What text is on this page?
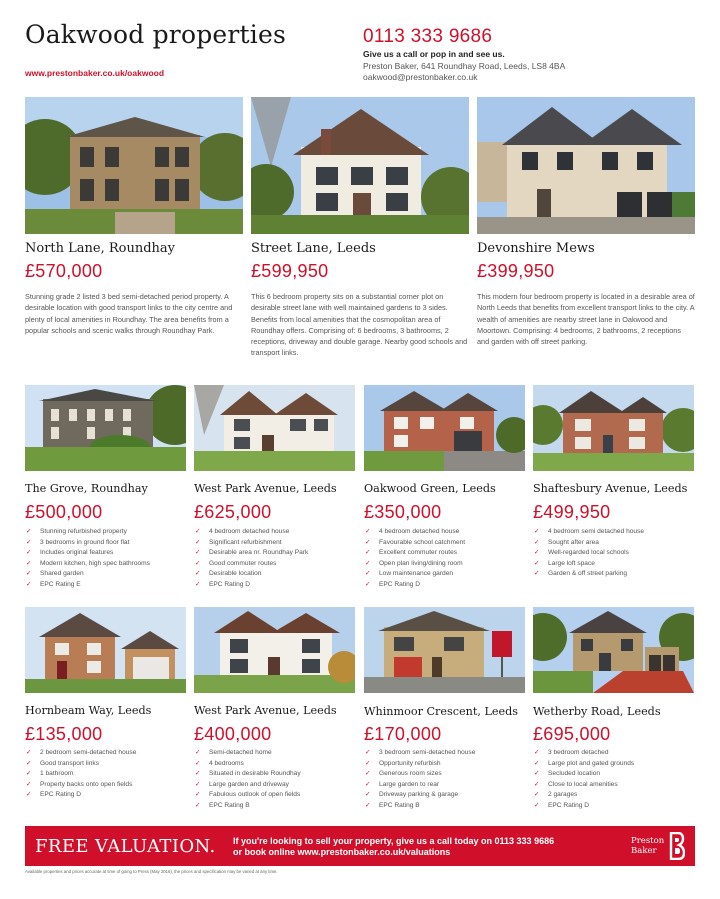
Oakwood properties
www.prestonbaker.co.uk/oakwood
0113 333 9686
Give us a call or pop in and see us.
Preston Baker, 641 Roundhay Road, Leeds, LS8 4BA
oakwood@prestonbaker.co.uk
North Lane, Roundhay
£570,000
Stunning grade 2 listed 3 bed semi-detached period property. A desirable location with good transport links to the city centre and plenty of local amenities in Roundhay. The area benefits from a popular schools and scenic walks through Roundhay Park.
Street Lane, Leeds
£599,950
This 6 bedroom property sits on a substantial corner plot on desirable street lane with well maintained gardens to 3 sides. Benefits from local amenities that the cosmopolitan area of Roundhay offers. Comprising of: 6 bedrooms, 3 bathrooms, 2 receptions, driveway and double garage. Nearby good schools and transport links.
Devonshire Mews
£399,950
This modern four bedroom property is located in a desirable area of North Leeds that benefits from excellent transport links to the city. A wealth of amenities are nearby street lane in Oakwood and Moortown. Comprising: 4 bedrooms, 2 bathrooms, 2 receptions and garden with off street parking.
The Grove, Roundhay
£500,000
✓ Stunning refurbished property
✓ 3 bedrooms in ground floor flat
✓ Includes original features
✓ Modern kitchen, high spec bathrooms
✓ Shared garden
✓ EPC Rating E
West Park Avenue, Leeds
£625,000
✓ 4 bedroom detached house
✓ Significant refurbishment
✓ Desirable area nr. Roundhay Park
✓ Good commuter routes
✓ Desirable location
✓ EPC Rating D
Oakwood Green, Leeds
£350,000
✓ 4 bedroom detached house
✓ Favourable school catchment
✓ Excellent commuter routes
✓ Open plan living/dining room
✓ Low maintenance garden
✓ EPC Rating D
Shaftesbury Avenue, Leeds
£499,950
✓ 4 bedroom semi detached house
✓ Sought after area
✓ Well-regarded local schools
✓ Large loft space
✓ Garden & off street parking
Hornbeam Way, Leeds
£135,000
✓ 2 bedroom semi-detached house
✓ Good transport links
✓ 1 bathroom
✓ Property backs onto open fields
✓ EPC Rating D
West Park Avenue, Leeds
£400,000
✓ Semi-detached home
✓ 4 bedrooms
✓ Situated in desirable Roundhay
✓ Large garden and driveway
✓ Fabulous outlook of open fields
✓ EPC Rating B
Whinmoor Crescent, Leeds
£170,000
✓ 3 bedroom semi-detached house
✓ Opportunity refurbish
✓ Generous room sizes
✓ Large garden to rear
✓ Driveway parking & garage
✓ EPC Rating B
Wetherby Road, Leeds
£695,000
✓ 3 bedroom detached
✓ Large plot and gated grounds
✓ Secluded location
✓ Close to local amenities
✓ 2 garages
✓ EPC Rating D
FREE VALUATION. If you're looking to sell your property, give us a call today on 0113 333 9686
or book online www.prestonbaker.co.uk/valuations
Preston
Baker
Available properties and prices accurate at time of going to Press (May 2016), the prices and specification may be varied at any time.
